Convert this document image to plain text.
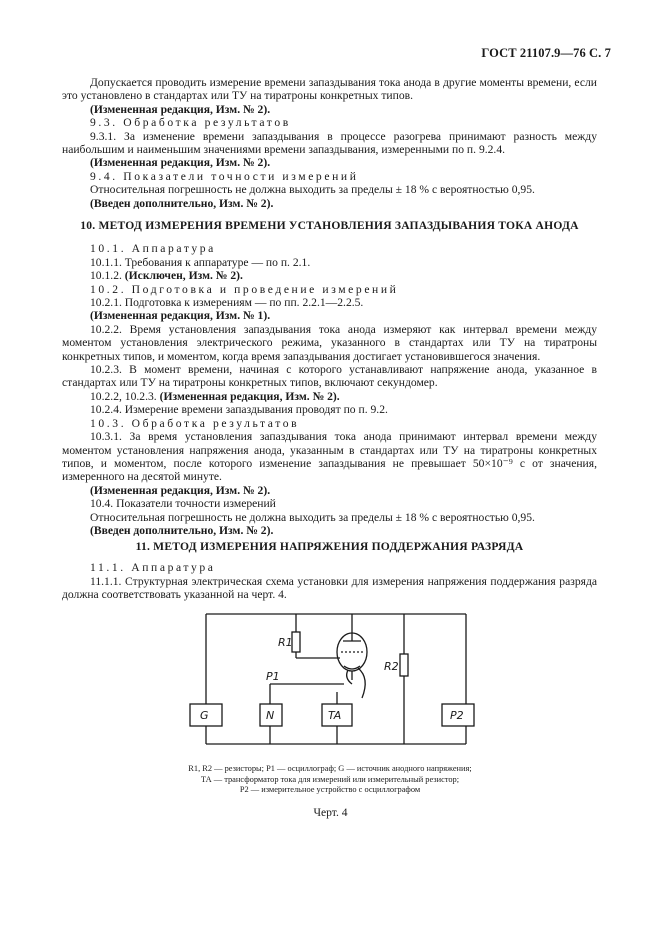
ГОСТ 21107.9—76 С. 7

Допускается проводить измерение времени запаздывания тока анода в другие моменты времени, если это установлено в стандартах или ТУ на тиратроны конкретных типов.

(Измененная редакция, Изм. № 2).

9.3. Обработка результатов

9.3.1. За изменение времени запаздывания в процессе разогрева принимают разность между наибольшим и наименьшим значениями времени запаздывания, измеренными по п. 9.2.4.

(Измененная редакция, Изм. № 2).

9.4. Показатели точности измерений

Относительная погрешность не должна выходить за пределы ± 18 % с вероятностью 0,95.

(Введен дополнительно, Изм. № 2).

10. МЕТОД ИЗМЕРЕНИЯ ВРЕМЕНИ УСТАНОВЛЕНИЯ ЗАПАЗДЫВАНИЯ ТОКА АНОДА

10.1. Аппаратура

10.1.1. Требования к аппаратуре — по п. 2.1.

10.1.2. (Исключен, Изм. № 2).

10.2. Подготовка и проведение измерений

10.2.1. Подготовка к измерениям — по пп. 2.2.1—2.2.5.

(Измененная редакция, Изм. № 1).

10.2.2. Время установления запаздывания тока анода измеряют как интервал времени между моментом установления электрического режима, указанного в стандартах или ТУ на тиратроны конкретных типов, и моментом, когда время запаздывания достигает установившегося значения.

10.2.3. В момент времени, начиная с которого устанавливают напряжение анода, указанное в стандартах или ТУ на тиратроны конкретных типов, включают секундомер.

10.2.2, 10.2.3. (Измененная редакция, Изм. № 2).

10.2.4. Измерение времени запаздывания проводят по п. 9.2.

10.3. Обработка результатов

10.3.1. За время установления запаздывания тока анода принимают интервал времени между моментом установления напряжения анода, указанным в стандартах или ТУ на тиратроны конкретных типов, и моментом, после которого изменение запаздывания не превышает 50×10⁻⁹ с от значения, измеренного на десятой минуте.

(Измененная редакция, Изм. № 2).

10.4. Показатели точности измерений

Относительная погрешность не должна выходить за пределы ± 18 % с вероятностью 0,95.

(Введен дополнительно, Изм. № 2).

11. МЕТОД ИЗМЕРЕНИЯ НАПРЯЖЕНИЯ ПОДДЕРЖАНИЯ РАЗРЯДА

11.1. Аппаратура

11.1.1. Структурная электрическая схема установки для измерения напряжения поддержания разряда должна соответствовать указанной на черт. 4.

R1
R2
P1
G	N	TA	P2
R1, R2 — резисторы; P1 — осциллограф; G — источник анодного напряжения;
ТА — трансформатор тока для измерений или измерительный резистор;
P2 — измерительное устройство с осциллографом
Черт. 4
